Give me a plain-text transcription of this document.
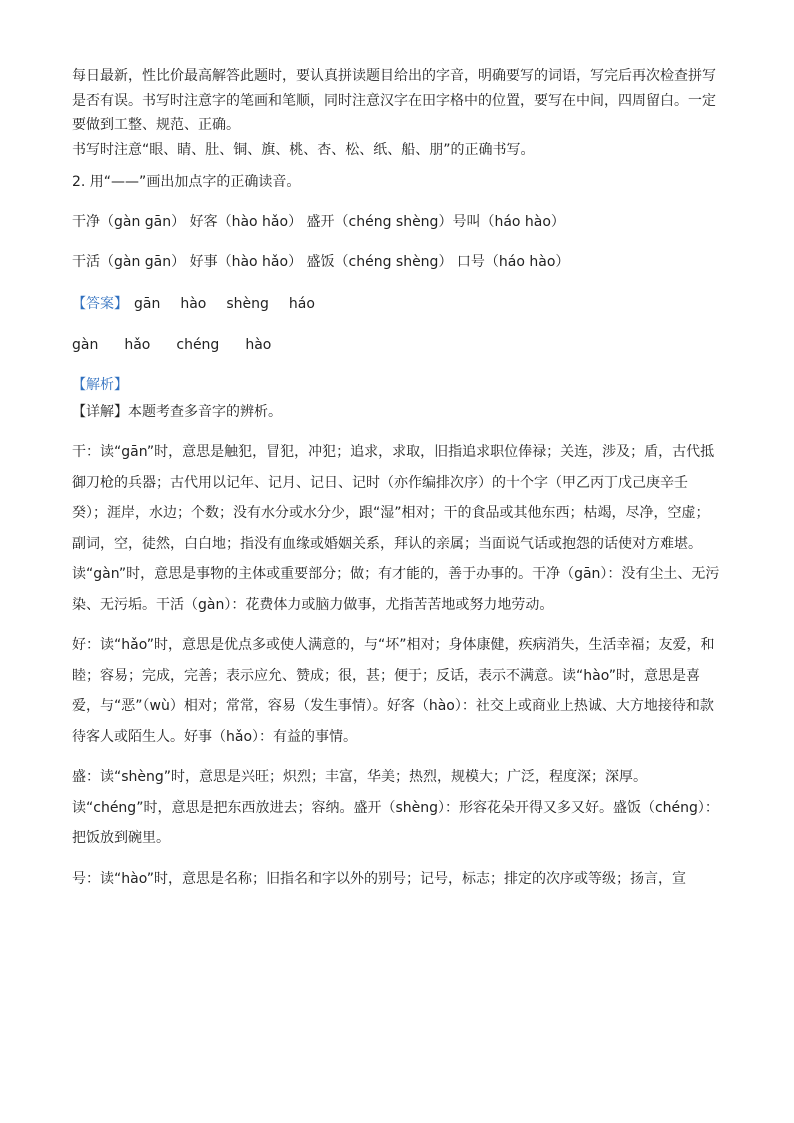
每日最新，性比价最高解答此题时，要认真拼读题目给出的字音，明确要写的词语，写完后再次检查拼写

是否有误。书写时注意字的笔画和笔顺，同时注意汉字在田字格中的位置，要写在中间，四周留白。一定

要做到工整、规范、正确。

书写时注意“眼、睛、肚、铜、旗、桃、杏、松、纸、船、朋”的正确书写。

2. 用“——”画出加点字的正确读音。

干净（gàn gān） 好客（hào hǎo） 盛开（chéng shèng）号叫（háo hào）

干活（gàn gān） 好事（hào hǎo） 盛饭（chéng shèng） 口号（háo hào）

【答案】 gān hào shèng háo

gàn hǎo chéng hào

【解析】

【详解】本题考查多音字的辨析。

干：读“gān”时，意思是触犯，冒犯，冲犯；追求，求取，旧指追求职位俸禄；关连，涉及；盾，古代抵御刀枪的兵器；古代用以记年、记月、记日、记时（亦作编排次序）的十个字（甲乙丙丁戊己庚辛壬癸）；涯岸，水边；个数；没有水分或水分少，跟“湿”相对；干的食品或其他东西；枯竭，尽净，空虚；副词，空，徒然，白白地；指没有血缘或婚姻关系，拜认的亲属；当面说气话或抱怨的话使对方难堪。读“gàn”时，意思是事物的主体或重要部分；做；有才能的，善于办事的。干净（gān）：没有尘土、无污染、无污垢。干活（gàn）：花费体力或脑力做事，尤指苦苦地或努力地劳动。

好：读“hǎo”时，意思是优点多或使人满意的，与“坏”相对；身体康健，疾病消失，生活幸福；友爱，和睦；容易；完成，完善；表示应允、赞成；很，甚；便于；反话，表示不满意。读“hào”时，意思是喜爱，与“恶”（wù）相对；常常，容易（发生事情）。好客（hào）：社交上或商业上热诚、大方地接待和款待客人或陌生人。好事（hǎo）：有益的事情。

盛：读“shèng”时，意思是兴旺；炽烈；丰富，华美；热烈，规模大；广泛，程度深；深厚。读“chéng”时，意思是把东西放进去；容纳。盛开（shèng）：形容花朵开得又多又好。盛饭（chéng）：把饭放到碗里。

号：读“hào”时，意思是名称；旧指名和字以外的别号；记号，标志；排定的次序或等级；扬言，宣
